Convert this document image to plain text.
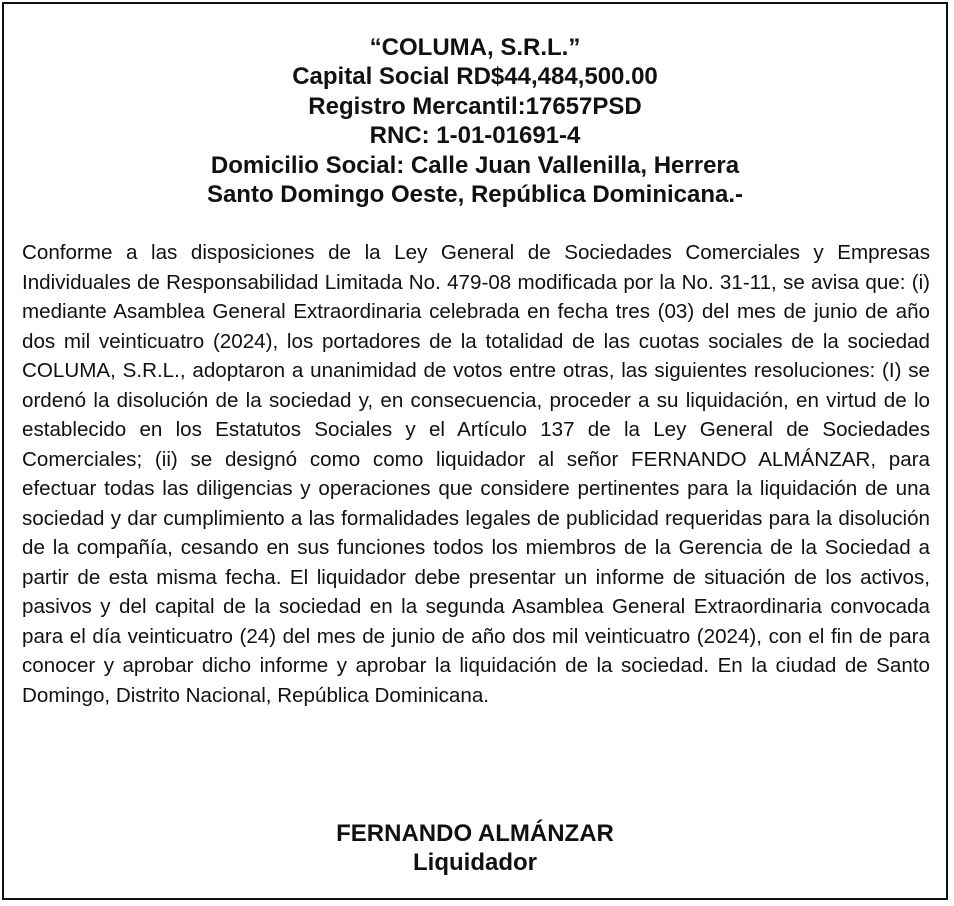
“COLUMA, S.R.L.”
Capital Social RD$44,484,500.00
Registro Mercantil:17657PSD
RNC: 1-01-01691-4
Domicilio Social: Calle Juan Vallenilla, Herrera
Santo Domingo Oeste, República Dominicana.-

Conforme a las disposiciones de la Ley General de Sociedades Comerciales y Empresas Individuales de Responsabilidad Limitada No. 479-08 modificada por la No. 31-11, se avisa que: (i) mediante Asamblea General Extraordinaria celebrada en fecha tres (03) del mes de junio de año dos mil veinticuatro (2024), los portadores de la totalidad de las cuotas sociales de la sociedad COLUMA, S.R.L., adoptaron a unanimidad de votos entre otras, las siguientes resoluciones: (I) se ordenó la disolución de la sociedad y, en consecuencia, proceder a su liquidación, en virtud de lo establecido en los Estatutos Sociales y el Artículo 137 de la Ley General de Sociedades Comerciales; (ii) se designó como como liquidador al señor FERNANDO ALMÁNZAR, para efectuar todas las diligencias y operaciones que considere pertinentes para la liquidación de una sociedad y dar cumplimiento a las formalidades legales de publicidad requeridas para la disolución de la compañía, cesando en sus funciones todos los miembros de la Gerencia de la Sociedad a partir de esta misma fecha. El liquidador debe presentar un informe de situación de los activos, pasivos y del capital de la sociedad en la segunda Asamblea General Extraordinaria convocada para el día veinticuatro (24) del mes de junio de año dos mil veinticuatro (2024), con el fin de para conocer y aprobar dicho informe y aprobar la liquidación de la sociedad. En la ciudad de Santo Domingo, Distrito Nacional, República Dominicana.

FERNANDO ALMÁNZAR
Liquidador
